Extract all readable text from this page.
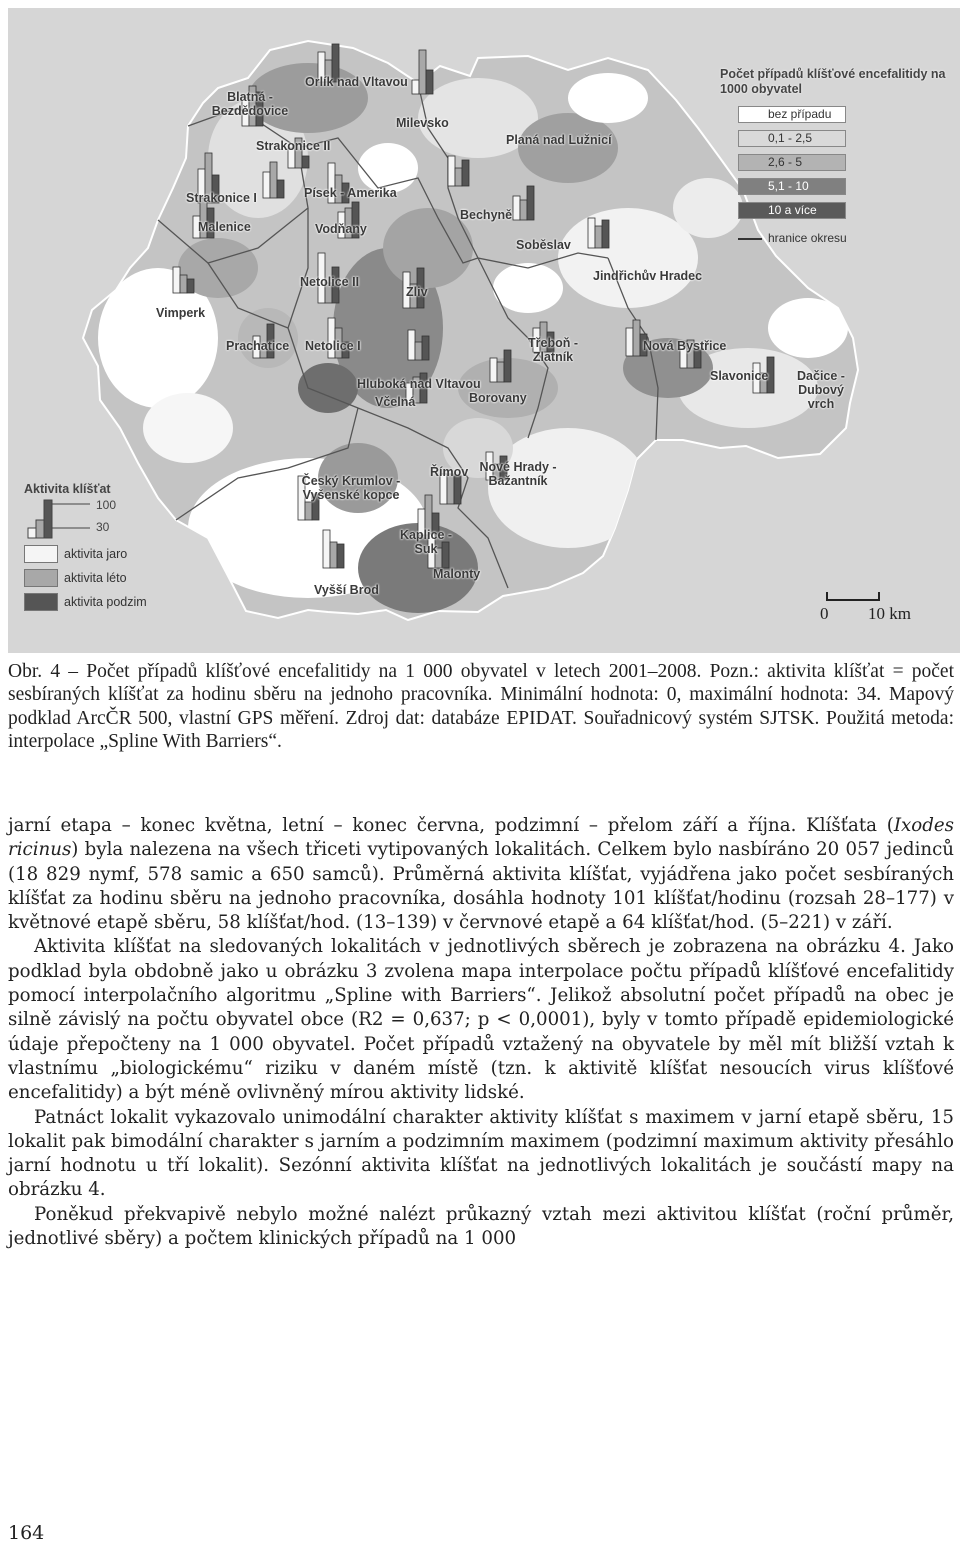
Blatná - Bezdědovice
Orlík nad Vltavou
Milevsko
Strakonice II	Planá nad Lužnicí
Strakonice I	Písek - Amerika
Bechyně
Malenice	Vodňany
Soběslav
Jindřichův Hradec
Netolice II
Zliv
Vimperk
Třeboň - Zlatník
Prachatice Netolice I	Nová Bystřice
Hluboká nad Vltavou
Slavonice	Dačice - Dubový vrch
Borovany
Včelná
Nové Hrady - Bažantník
Římov
Český Krumlov - Vyšenské kopce
Kaplice - Suk
Malonty
Vyšší Brod
Počet případů klíšťové encefalitidy na 1000 obyvatel
bez případu
0,1 - 2,5
2,6 - 5
5,1 - 10
10 a více
hranice okresu
Aktivita klíšťat
100
30
aktivita jaro
aktivita léto
aktivita podzim
0 10 km
Obr. 4 – Počet případů klíšťové encefalitidy na 1 000 obyvatel v letech 2001–2008. Pozn.: aktivita klíšťat = počet sesbíraných klíšťat za hodinu sběru na jednoho pracovníka. Minimální hodnota: 0, maximální hodnota: 34. Mapový podklad ArcČR 500, vlastní GPS měření. Zdroj dat: databáze EPIDAT. Souřadnicový systém SJTSK. Použitá metoda: interpolace „Spline With Barriers“.

jarní etapa – konec května, letní – konec června, podzimní – přelom září a října. Klíšťata (Ixodes ricinus) byla nalezena na všech třiceti vytipovaných lokalitách. Celkem bylo nasbíráno 20 057 jedinců (18 829 nymf, 578 samic a 650 samců). Průměrná aktivita klíšťat, vyjádřena jako počet sesbíraných klíšťat za hodinu sběru na jednoho pracovníka, dosáhla hodnoty 101 klíšťat/hodinu (rozsah 28–177) v květnové etapě sběru, 58 klíšťat/hod. (13–139) v červnové etapě a 64 klíšťat/hod. (5–221) v září.

Aktivita klíšťat na sledovaných lokalitách v jednotlivých sběrech je zobrazena na obrázku 4. Jako podklad byla obdobně jako u obrázku 3 zvolena mapa interpolace počtu případů klíšťové encefalitidy pomocí interpolačního algoritmu „Spline with Barriers“. Jelikož absolutní počet případů na obec je silně závislý na počtu obyvatel obce (R2 = 0,637; p < 0,0001), byly v tomto případě epidemiologické údaje přepočteny na 1 000 obyvatel. Počet případů vztažený na obyvatele by měl mít bližší vztah k vlastnímu „biologickému“ riziku v daném místě (tzn. k aktivitě klíšťat nesoucích virus klíšťové encefalitidy) a být méně ovlivněný mírou aktivity lidské.

Patnáct lokalit vykazovalo unimodální charakter aktivity klíšťat s maximem v jarní etapě sběru, 15 lokalit pak bimodální charakter s jarním a podzimním maximem (podzimní maximum aktivity přesáhlo jarní hodnotu u tří lokalit). Sezónní aktivita klíšťat na jednotlivých lokalitách je součástí mapy na obrázku 4.

Poněkud překvapivě nebylo možné nalézt průkazný vztah mezi aktivitou klíšťat (roční průměr, jednotlivé sběry) a počtem klinických případů na 1 000

164
